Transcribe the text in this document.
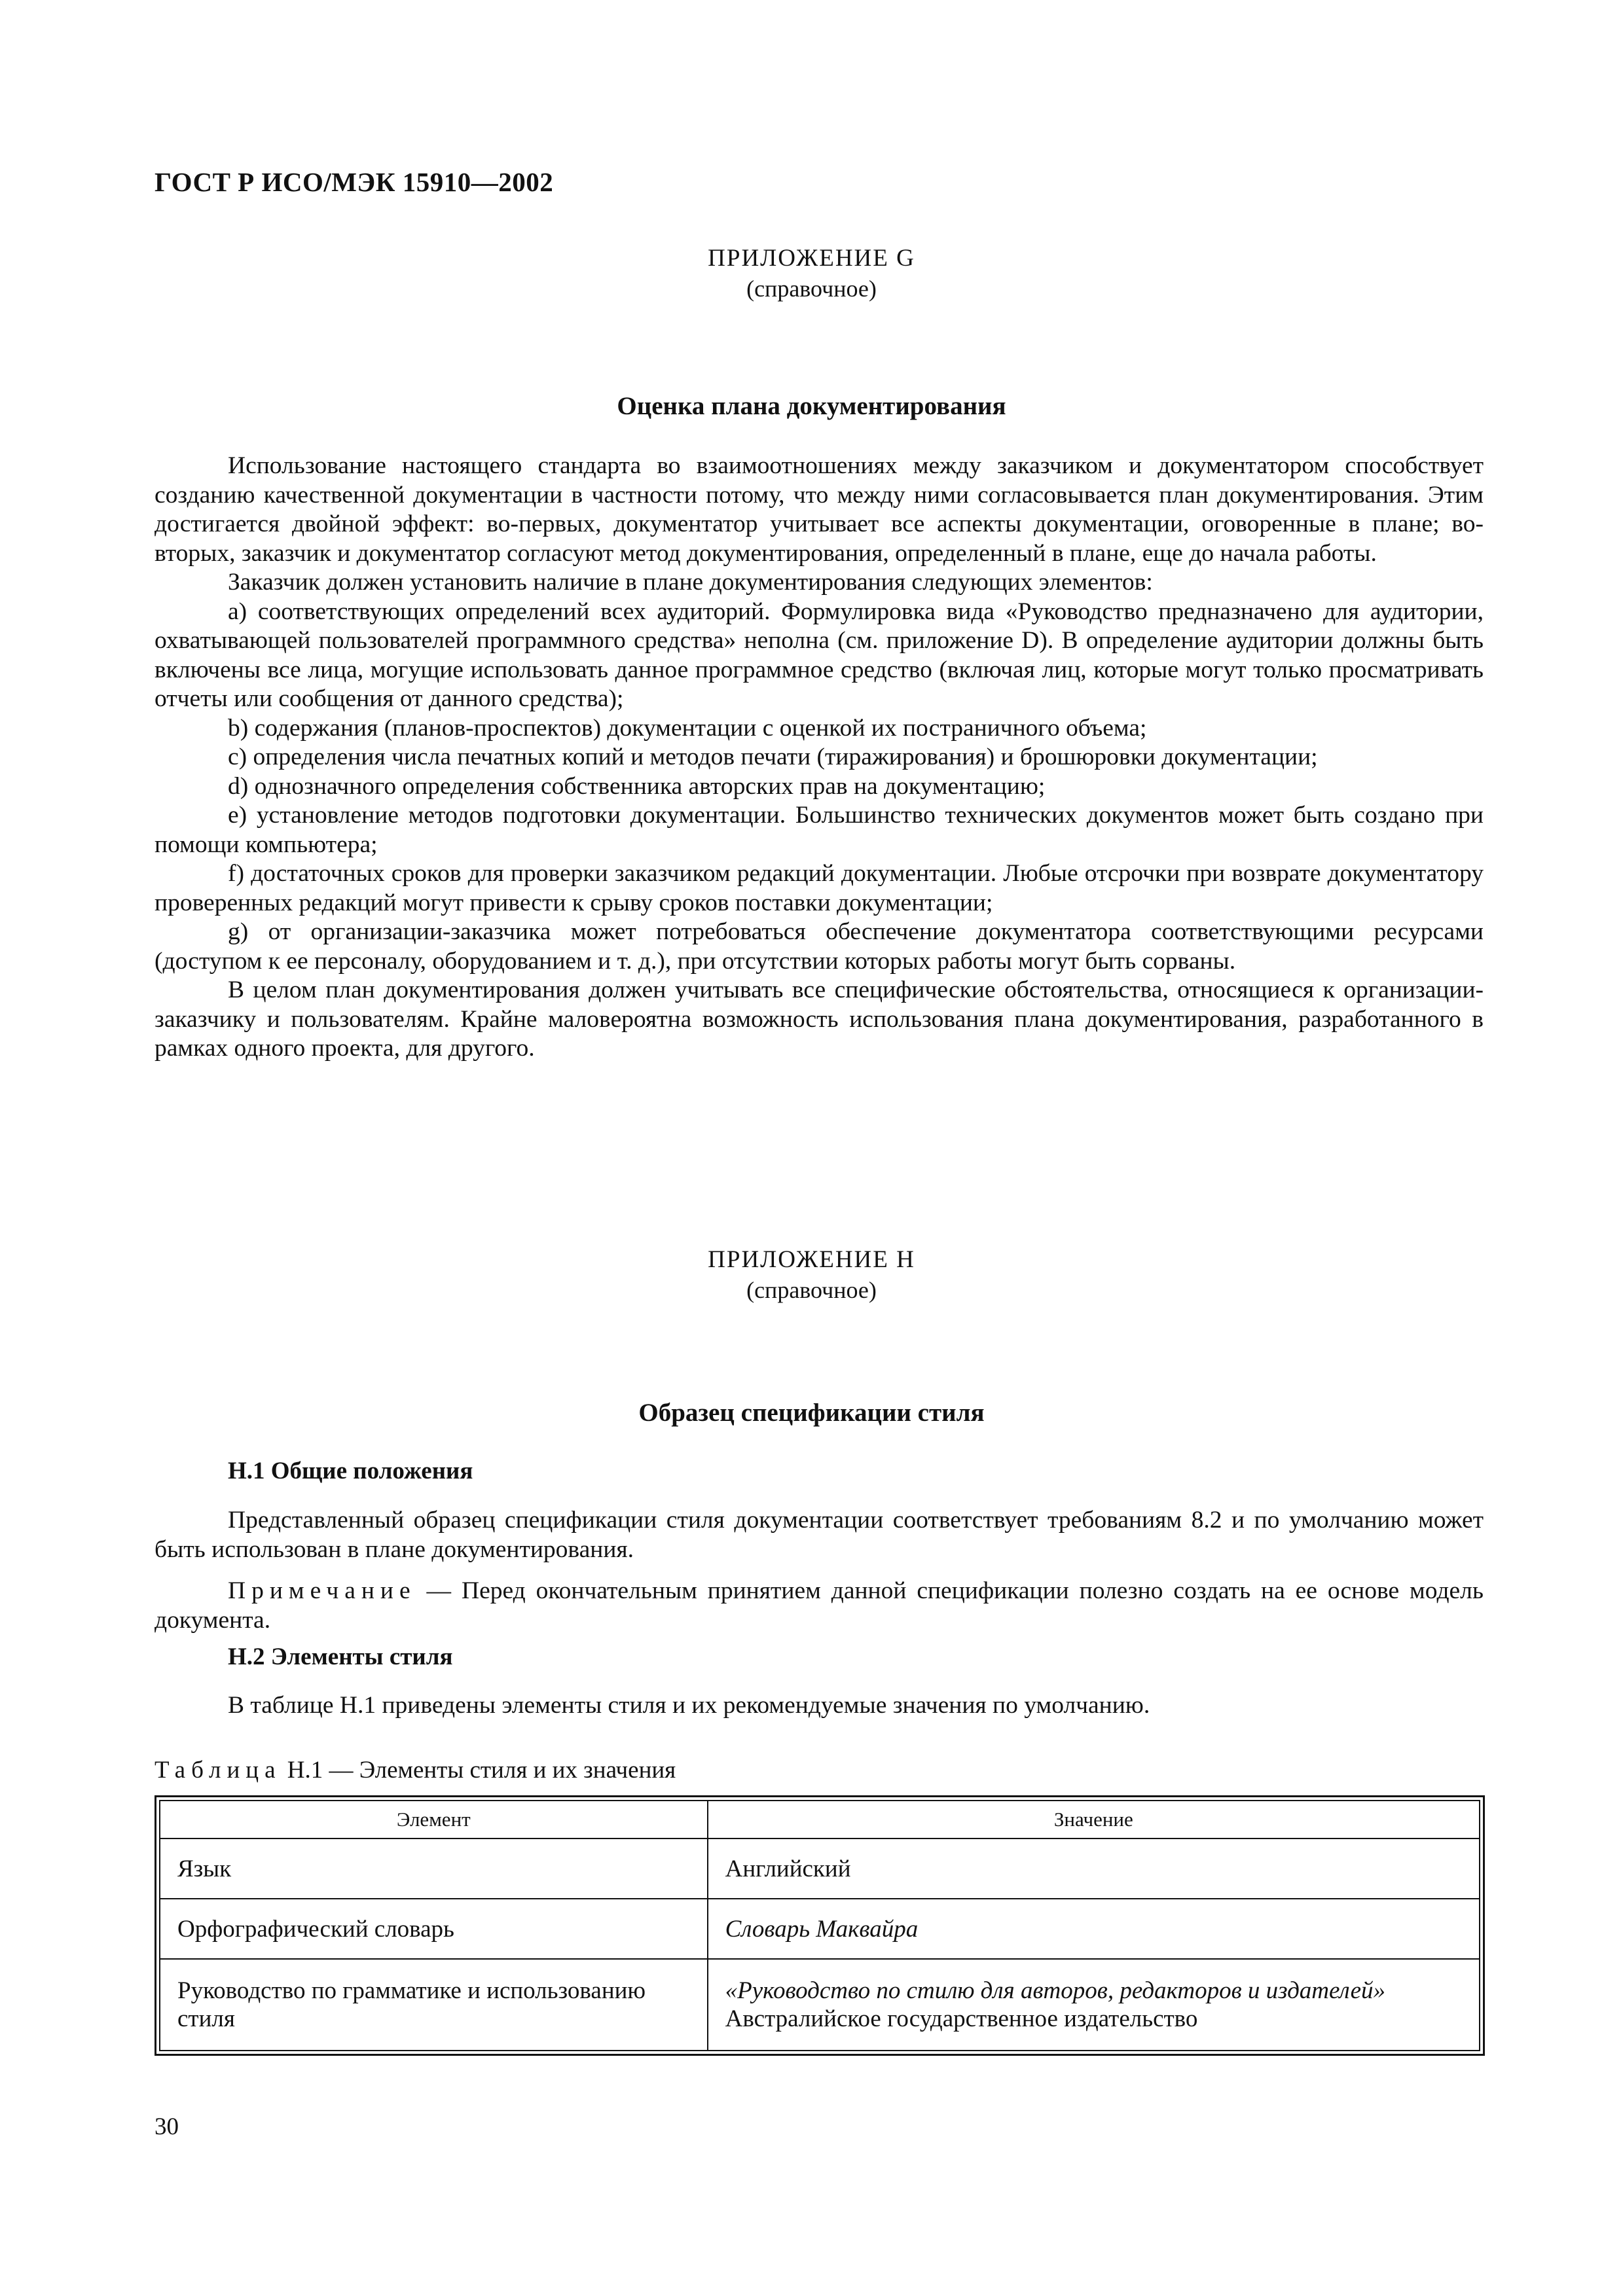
ГОСТ Р ИСО/МЭК 15910—2002
ПРИЛОЖЕНИЕ G
(справочное)
Оценка плана документирования

Использование настоящего стандарта во взаимоотношениях между заказчиком и документатором способствует созданию качественной документации в частности потому, что между ними согласовывается план документирования. Этим достигается двойной эффект: во-первых, документатор учитывает все аспекты документации, оговоренные в плане; во-вторых, заказчик и документатор согласуют метод документирования, определенный в плане, еще до начала работы.

Заказчик должен установить наличие в плане документирования следующих элементов:

а) соответствующих определений всех аудиторий. Формулировка вида «Руководство предназначено для аудитории, охватывающей пользователей программного средства» неполна (см. приложение D). В определение аудитории должны быть включены все лица, могущие использовать данное программное средство (включая лиц, которые могут только просматривать отчеты или сообщения от данного средства);

b) содержания (планов-проспектов) документации с оценкой их постраничного объема;

c) определения числа печатных копий и методов печати (тиражирования) и брошюровки документации;

d) однозначного определения собственника авторских прав на документацию;

e) установление методов подготовки документации. Большинство технических документов может быть создано при помощи компьютера;

f) достаточных сроков для проверки заказчиком редакций документации. Любые отсрочки при возврате документатору проверенных редакций могут привести к срыву сроков поставки документации;

g) от организации-заказчика может потребоваться обеспечение документатора соответствующими ресурсами (доступом к ее персоналу, оборудованием и т. д.), при отсутствии которых работы могут быть сорваны.

В целом план документирования должен учитывать все специфические обстоятельства, относящиеся к организации-заказчику и пользователям. Крайне маловероятна возможность использования плана документирования, разработанного в рамках одного проекта, для другого.

ПРИЛОЖЕНИЕ H
(справочное)
Образец спецификации стиля
H.1 Общие положения
Представленный образец спецификации стиля документации соответствует требованиям 8.2 и по умолчанию может быть использован в плане документирования.
Примечание — Перед окончательным принятием данной спецификации полезно создать на ее основе модель документа.
H.2 Элементы стиля
В таблице H.1 приведены элементы стиля и их рекомендуемые значения по умолчанию.
Таблица H.1 — Элементы стиля и их значения
Элемент	Значение
Язык	Английский
Орфографический словарь	Словарь Маквайра
Руководство по грамматике и использованию стиля	«Руководство по стилю для авторов, редакторов и издателей»
Австралийское государственное издательство
30
